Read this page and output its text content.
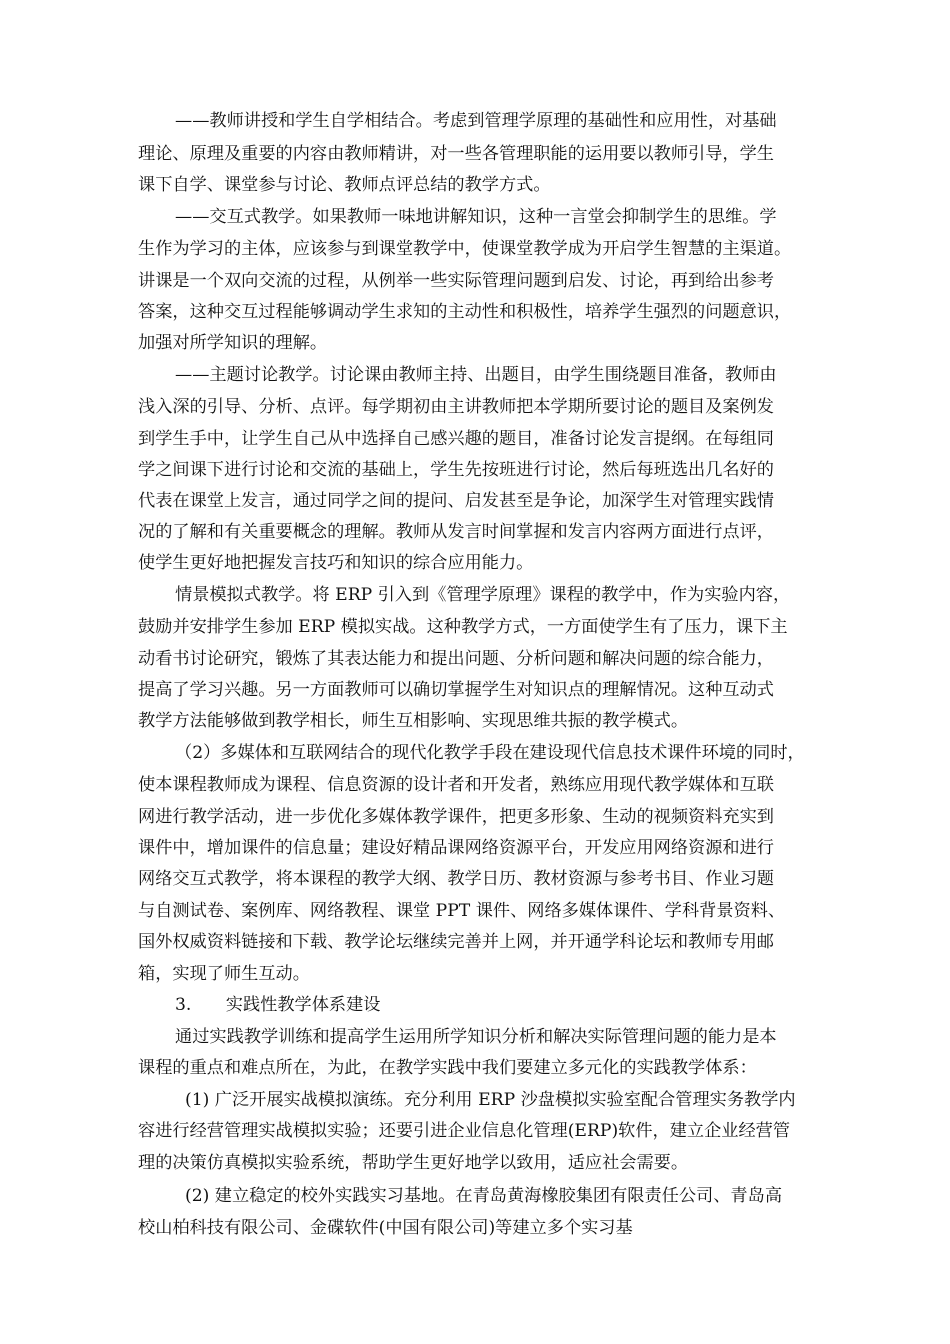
——教师讲授和学生自学相结合。考虑到管理学原理的基础性和应用性，对基础
理论、原理及重要的内容由教师精讲，对一些各管理职能的运用要以教师引导，学生
课下自学、课堂参与讨论、教师点评总结的教学方式。
——交互式教学。如果教师一味地讲解知识，这种一言堂会抑制学生的思维。学
生作为学习的主体，应该参与到课堂教学中，使课堂教学成为开启学生智慧的主渠道。
讲课是一个双向交流的过程，从例举一些实际管理问题到启发、讨论，再到给出参考
答案，这种交互过程能够调动学生求知的主动性和积极性，培养学生强烈的问题意识，
加强对所学知识的理解。
——主题讨论教学。讨论课由教师主持、出题目，由学生围绕题目准备，教师由
浅入深的引导、分析、点评。每学期初由主讲教师把本学期所要讨论的题目及案例发
到学生手中，让学生自己从中选择自己感兴趣的题目，准备讨论发言提纲。在每组同
学之间课下进行讨论和交流的基础上，学生先按班进行讨论，然后每班选出几名好的
代表在课堂上发言，通过同学之间的提问、启发甚至是争论，加深学生对管理实践情
况的了解和有关重要概念的理解。教师从发言时间掌握和发言内容两方面进行点评，
使学生更好地把握发言技巧和知识的综合应用能力。
情景模拟式教学。将 ERP 引入到《管理学原理》课程的教学中，作为实验内容，
鼓励并安排学生参加 ERP 模拟实战。这种教学方式，一方面使学生有了压力，课下主
动看书讨论研究，锻炼了其表达能力和提出问题、分析问题和解决问题的综合能力，
提高了学习兴趣。另一方面教师可以确切掌握学生对知识点的理解情况。这种互动式
教学方法能够做到教学相长，师生互相影响、实现思维共振的教学模式。
（2）多媒体和互联网结合的现代化教学手段在建设现代信息技术课件环境的同时，
使本课程教师成为课程、信息资源的设计者和开发者，熟练应用现代教学媒体和互联
网进行教学活动，进一步优化多媒体教学课件，把更多形象、生动的视频资料充实到
课件中，增加课件的信息量；建设好精品课网络资源平台，开发应用网络资源和进行
网络交互式教学，将本课程的教学大纲、教学日历、教材资源与参考书目、作业习题
与自测试卷、案例库、网络教程、课堂 PPT 课件、网络多媒体课件、学科背景资料、
国外权威资料链接和下载、教学论坛继续完善并上网，并开通学科论坛和教师专用邮
箱，实现了师生互动。
3.　　实践性教学体系建设
通过实践教学训练和提高学生运用所学知识分析和解决实际管理问题的能力是本
课程的重点和难点所在，为此，在教学实践中我们要建立多元化的实践教学体系：
(1) 广泛开展实战模拟演练。充分利用 ERP 沙盘模拟实验室配合管理实务教学内
容进行经营管理实战模拟实验；还要引进企业信息化管理(ERP)软件，建立企业经营管
理的决策仿真模拟实验系统，帮助学生更好地学以致用，适应社会需要。
(2) 建立稳定的校外实践实习基地。在青岛黄海橡胶集团有限责任公司、青岛高
校山柏科技有限公司、金碟软件(中国有限公司)等建立多个实习基
